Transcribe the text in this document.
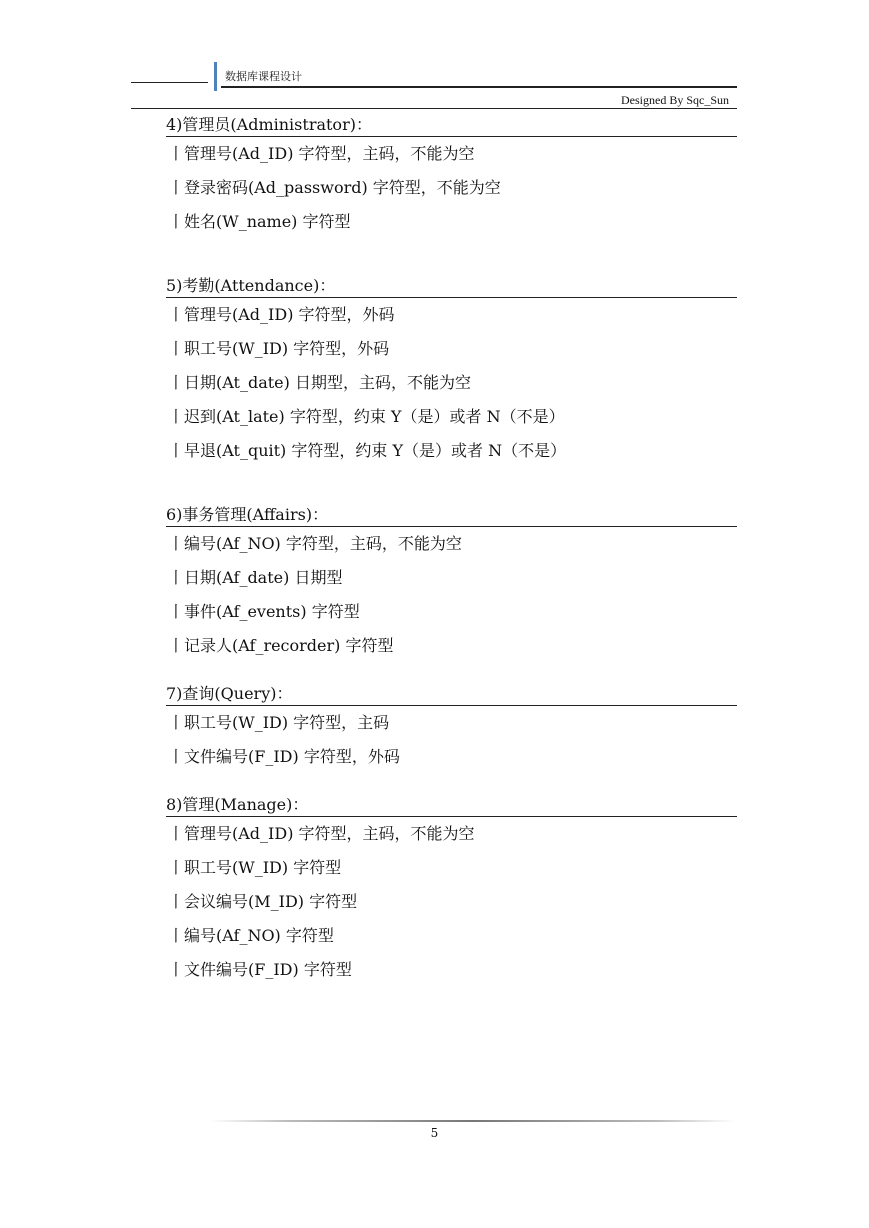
数据库课程设计
Designed By Sqc_Sun
4)管理员(Administrator)：
丨管理号(Ad_ID) 字符型，主码，不能为空
丨登录密码(Ad_password) 字符型，不能为空
丨姓名(W_name) 字符型
5)考勤(Attendance)：
丨管理号(Ad_ID) 字符型，外码
丨职工号(W_ID) 字符型，外码
丨日期(At_date) 日期型，主码，不能为空
丨迟到(At_late) 字符型，约束 Y（是）或者 N（不是）
丨早退(At_quit) 字符型，约束 Y（是）或者 N（不是）
6)事务管理(Affairs)：
丨编号(Af_NO) 字符型，主码，不能为空
丨日期(Af_date) 日期型
丨事件(Af_events) 字符型
丨记录人(Af_recorder) 字符型
7)查询(Query)：
丨职工号(W_ID) 字符型，主码
丨文件编号(F_ID) 字符型，外码
8)管理(Manage)：
丨管理号(Ad_ID) 字符型，主码，不能为空
丨职工号(W_ID) 字符型
丨会议编号(M_ID) 字符型
丨编号(Af_NO) 字符型
丨文件编号(F_ID) 字符型
5
